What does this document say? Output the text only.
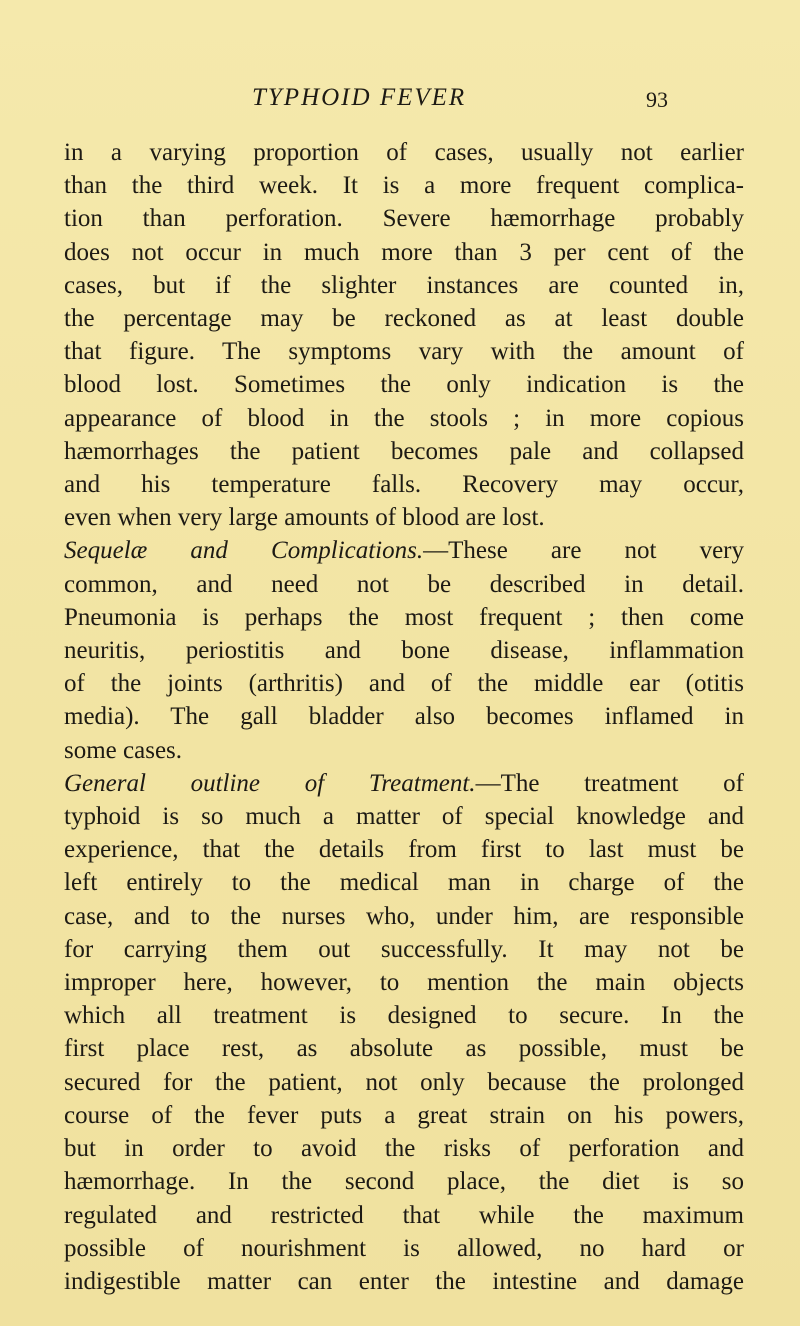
TYPHOID FEVER	93
in a varying proportion of cases, usually not earlier
than the third week. It is a more frequent complica-
tion than perforation. Severe hæmorrhage probably
does not occur in much more than 3 per cent of the
cases, but if the slighter instances are counted in,
the percentage may be reckoned as at least double
that figure. The symptoms vary with the amount of
blood lost. Sometimes the only indication is the
appearance of blood in the stools ; in more copious
hæmorrhages the patient becomes pale and collapsed
and his temperature falls. Recovery may occur,
even when very large amounts of blood are lost.
Sequelæ and Complications.—These are not very
common, and need not be described in detail.
Pneumonia is perhaps the most frequent ; then come
neuritis, periostitis and bone disease, inflammation
of the joints (arthritis) and of the middle ear (otitis
media). The gall bladder also becomes inflamed in
some cases.
General outline of Treatment.—The treatment of
typhoid is so much a matter of special knowledge and
experience, that the details from first to last must be
left entirely to the medical man in charge of the
case, and to the nurses who, under him, are responsible
for carrying them out successfully. It may not be
improper here, however, to mention the main objects
which all treatment is designed to secure. In the
first place rest, as absolute as possible, must be
secured for the patient, not only because the prolonged
course of the fever puts a great strain on his powers,
but in order to avoid the risks of perforation and
hæmorrhage. In the second place, the diet is so
regulated and restricted that while the maximum
possible of nourishment is allowed, no hard or
indigestible matter can enter the intestine and damage
